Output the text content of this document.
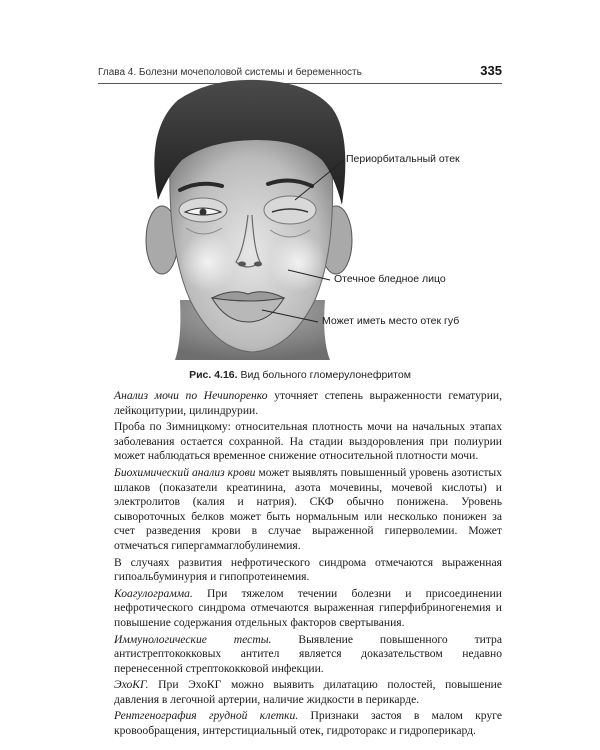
Глава 4. Болезни мочеполовой системы и беременность	335
Периорбитальный отек
Отечное бледное лицо
Может иметь место отек губ
Рис. 4.16. Вид больного гломерулонефритом

Анализ мочи по Нечипоренко уточняет степень выраженности гематурии, лейкоцитурии, цилиндрурии.

Проба по Зимницкому: относительная плотность мочи на начальных этапах заболевания остается сохранной. На стадии выздоровления при полиурии может наблюдаться временное снижение относительной плотности мочи.

Биохимический анализ крови может выявлять повышенный уровень азотистых шлаков (показатели креатинина, азота мочевины, мочевой кислоты) и электролитов (калия и натрия). СКФ обычно понижена. Уровень сывороточных белков может быть нормальным или несколько понижен за счет разведения крови в случае выраженной гиперволемии. Может отмечаться гипергаммаглобулинемия.

В случаях развития нефротического синдрома отмечаются выраженная гипоальбуминурия и гипопротеинемия.

Коагулограмма. При тяжелом течении болезни и присоединении нефротического синдрома отмечаются выраженная гиперфибриногенемия и повышение содержания отдельных факторов свертывания.

Иммунологические тесты. Выявление повышенного титра антистрептококковых антител является доказательством недавно перенесенной стрептококковой инфекции.

ЭхоКГ. При ЭхоКГ можно выявить дилатацию полостей, повышение давления в легочной артерии, наличие жидкости в перикарде.

Рентгенография грудной клетки. Признаки застоя в малом круге кровообращения, интерстициальный отек, гидроторакс и гидроперикард.
